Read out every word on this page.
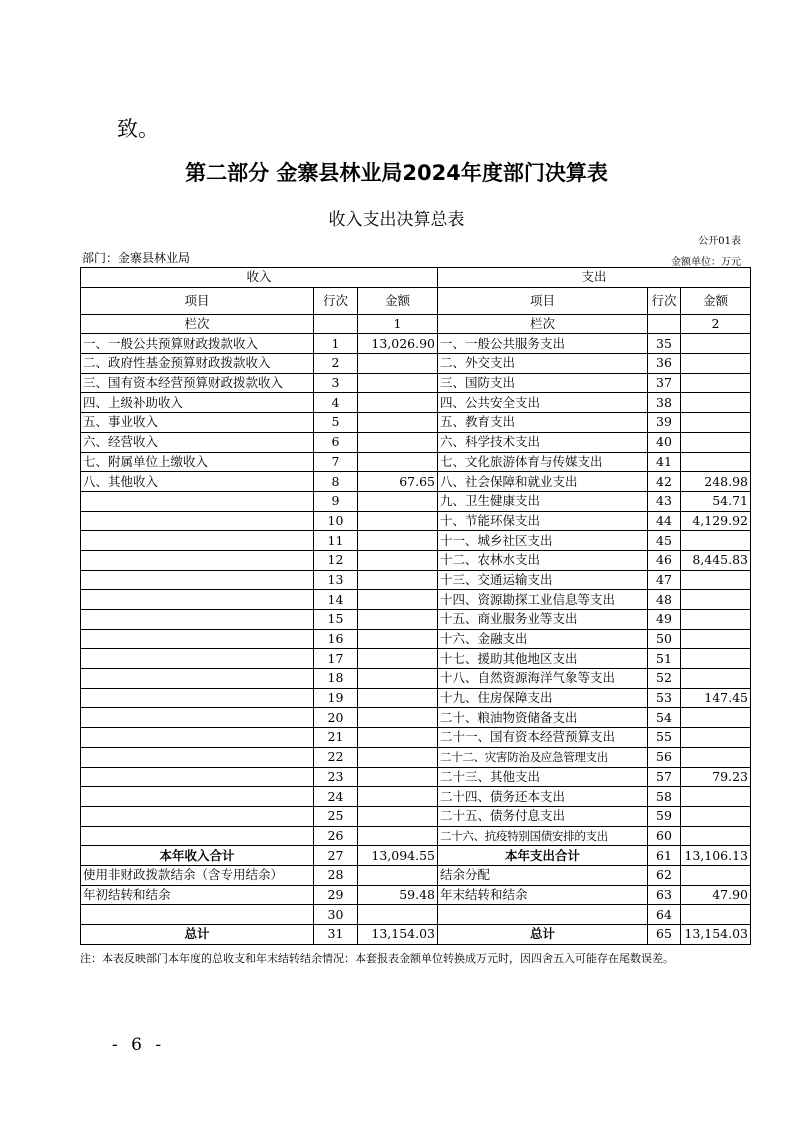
致。
第二部分 金寨县林业局2024年度部门决算表
收入支出决算总表
公开01表
部门：金寨县林业局	金额单位：万元
收入			支出		
项目	行次	金额	项目	行次	金额
栏次		1	栏次		2
一、一般公共预算财政拨款收入	1	13,026.90	一、一般公共服务支出	35	
二、政府性基金预算财政拨款收入	2		二、外交支出	36	
三、国有资本经营预算财政拨款收入	3		三、国防支出	37	
四、上级补助收入	4		四、公共安全支出	38	
五、事业收入	5		五、教育支出	39	
六、经营收入	6		六、科学技术支出	40	
七、附属单位上缴收入	7		七、文化旅游体育与传媒支出	41	
八、其他收入	8	67.65	八、社会保障和就业支出	42	248.98
	9		九、卫生健康支出	43	54.71
	10		十、节能环保支出	44	4,129.92
	11		十一、城乡社区支出	45	
	12		十二、农林水支出	46	8,445.83
	13		十三、交通运输支出	47	
	14		十四、资源勘探工业信息等支出	48	
	15		十五、商业服务业等支出	49	
	16		十六、金融支出	50	
	17		十七、援助其他地区支出	51	
	18		十八、自然资源海洋气象等支出	52	
	19		十九、住房保障支出	53	147.45
	20		二十、粮油物资储备支出	54	
	21		二十一、国有资本经营预算支出	55	
	22		二十二、灾害防治及应急管理支出	56	
	23		二十三、其他支出	57	79.23
	24		二十四、债务还本支出	58	
	25		二十五、债务付息支出	59	
	26		二十六、抗疫特别国债安排的支出	60	
本年收入合计	27	13,094.55	本年支出合计	61	13,106.13
使用非财政拨款结余（含专用结余）	28		结余分配	62	
年初结转和结余	29	59.48	年末结转和结余	63	47.90
	30			64	
总计	31	13,154.03	总计	65	13,154.03
注：本表反映部门本年度的总收支和年末结转结余情况：本套报表金额单位转换成万元时，因四舍五入可能存在尾数误差。
- 6 -
